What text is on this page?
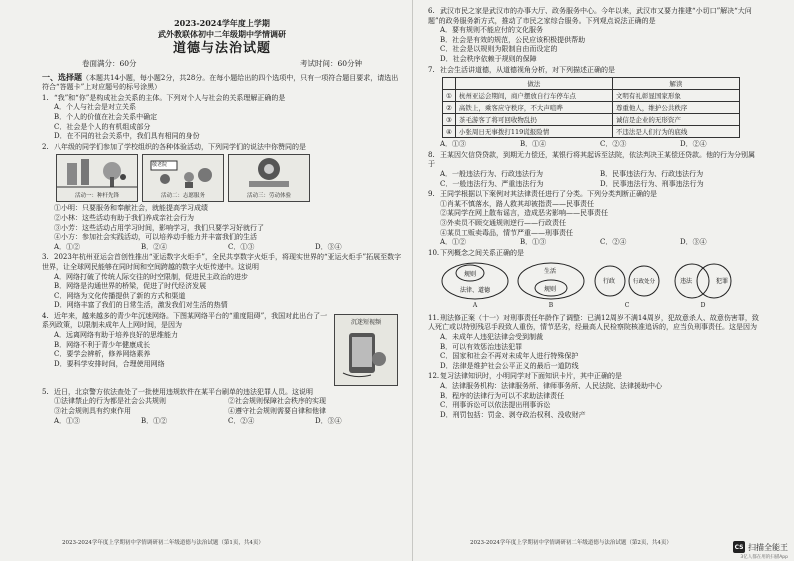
2023-2024学年度上学期
武外教联体初中二年级期中学情调研
道德与法治试题
卷面满分：60分	考试时间：60分钟
一、选择题（本题共14小题，每小题2分，共28分。在每小题给出的四个选项中，只有一项符合题目要求，请选出符合“答题卡”上对应题号的标号涂黑）
1. “我”和“你”是构成社会关系的主体。下列对个人与社会的关系理解正确的是
A．个人与社会是对立关系
B．个人的价值在社会关系中确定
C．社会是个人的有机组成部分
D．在不同的社会关系中，我们具有相同的身份
2. 八年级的同学们参加了学校组织的各种体验活动，下列同学们的说法中你赞同的是
活动一：种杆先锋	活动二：志愿服务
敬老院
活动三：劳动体验
①小明：只要服务和奉献社会，就能提高学习成绩
②小林：这些活动有助于我们养成亲社会行为
③小芳：这些活动占用学习时间，影响学习，我们只要学习好就行了
④小方：参加社会实践活动，可以培养动手能力并丰富我们的生活
A．①②	B．②④	C．①③	D．③④
3. 2023年杭州亚运会首创性推出“亚运数字火炬手”，全民共享数字火炬手，将现实世界的“亚运火炬手”拓展至数字世界，让全球网民能够在同时间和空间跨越的数字火炬传递中。这说明
A．网络打破了传统人际交往的时空限制，促进民主政治的进步
B．网络是沟通世界的桥梁，促进了时代经济发展
C．网络为文化传播提供了新的方式和渠道
D．网络丰富了我们的日常生活，激发我们对生活的热情
沉迷短视频
4. 近年来，越来越多的青少年沉迷网络。下图某网络平台的“重度阻碍”，我国对此出台了一系列政策，以限制未成年人上网时间，是因为
A．远离网络有助于培养良好的思维能力
B．网络不利于青少年健康成长
C．要学会辨析，修养网络素养
D．要科学安排时间，合理使用网络
5. 近日，北京警方依法查处了一批使用违规软件在某平台刷单的违法犯罪人员。这说明
①法律禁止的行为都是社会公共规则	②社会规则保障社会秩序的实现
③社会规则具有约束作用	④遵守社会规则需要自律和他律
A．①③	B．①②	C．②④	D．③④
2023-2024学年度上学期初中学情调研初二年级道德与法治试题（第1页，共4页）
6. 武汉市民之家是武汉市的办事大厅、政务服务中心。今年以来，武汉市又要力推建“小切口”解决“大问题”的政务服务新方式，推动了市民之家综合服务。下列观点说法正确的是
A．要有规则不能应付的文化服务
B．社会是有效的规范，公民应该积极提供帮助
C．社会是以规则为限制自由而设定的
D．社会秩序依赖于规则的保障
7. 社会生活讲道德，从道德视角分析，对下列描述正确的是
	做法	解读
①	杭州亚运会期间，商户摆放自行车停车点	文明有礼彰显国家形象
②	高铁上，乘客应守秩序，不大声喧哗	尊重他人，维护公共秩序
③	茶毛游客了将可回收物乱扔	诚信是企业的无形资产
④	小张周日无事拨打119谎报险情	不违法是人们行为的底线
A．①③	B．①④	C．②③	D．②④
8. 王某因欠信贷贷款，到期无力偿还，某银行将其起诉至法院，依法判决王某偿还贷款。他的行为分别属于
A．一般违法行为、行政违法行为	B．民事违法行为、行政违法行为
C．一般违法行为、严重违法行为	D．民事违法行为、刑事违法行为
9. 王同学根据以下案例对其法律责任进行了分类。下列分类判断正确的是
①肖某不慎落水，路人救其却被指责——民事责任
②某同学在网上散布谣言，造成恶劣影响——民事责任
③外卖员不顾交通规则逆行——行政责任
④某员工贩卖毒品，情节严重——刑事责任
A．①②	B．①③	C．②④	D．③④
10.下列概念之间关系正确的是
规则
法律、道德
A
生活
规则
B
行政	行政处分
C
违法	犯罪
D
11.刑法修正案（十一）对刑事责任年龄作了调整：已满12周岁不满14周岁，犯故意杀人、故意伤害罪，致人死亡或以特别残忍手段致人重伤，情节恶劣，经最高人民检察院核准追诉的，应当负刑事责任。这是因为
A．未成年人违犯法律会受到制裁
B．可以有效惩治违法犯罪
C．国家和社会不再对未成年人进行特殊保护
D．法律是维护社会公平正义的最后一道防线
12.复习法律知识时，小明同学对下面知识卡片，其中正确的是
A．法律服务机构：法律服务所、律师事务所、人民法院、法律援助中心
B．程序的法律行为可以不求助法律责任
C．刑事诉讼可以依法提出刑事诉讼
D．刑罚包括：罚金、剥夺政治权利、没收财产
2023-2024学年度上学期初中学情调研初二年级道德与法治试题（第2页，共4页）
CS 扫描全能王
3亿人都在用的扫描App
